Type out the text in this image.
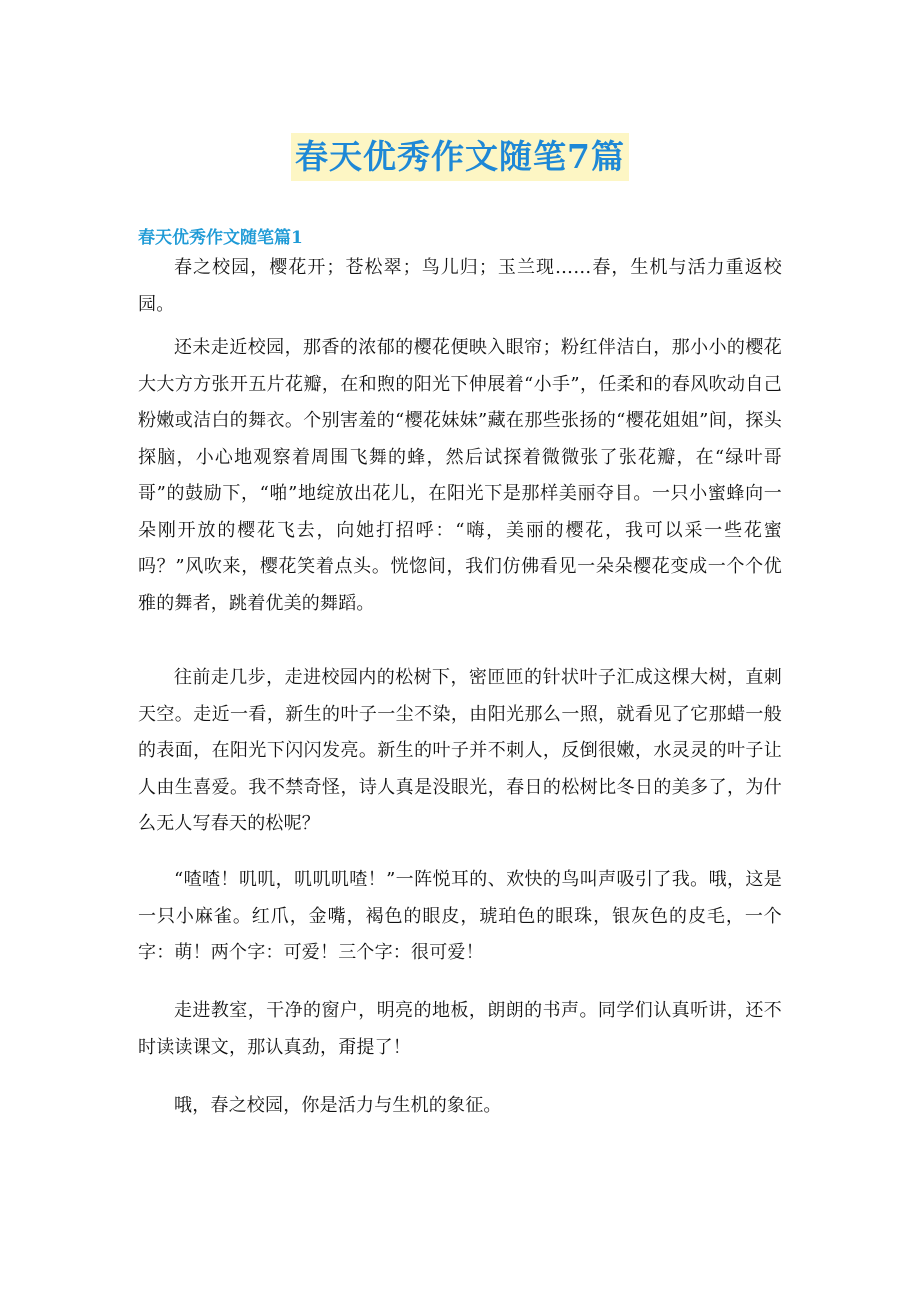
春天优秀作文随笔7篇
春天优秀作文随笔篇1

春之校园，樱花开；苍松翠；鸟儿归；玉兰现……春，生机与活力重返校园。

还未走近校园，那香的浓郁的樱花便映入眼帘；粉红伴洁白，那小小的樱花大大方方张开五片花瓣，在和煦的阳光下伸展着“小手”，任柔和的春风吹动自己粉嫩或洁白的舞衣。个别害羞的“樱花妹妹”藏在那些张扬的“樱花姐姐”间，探头探脑，小心地观察着周围飞舞的蜂，然后试探着微微张了张花瓣，在“绿叶哥哥”的鼓励下，“啪”地绽放出花儿，在阳光下是那样美丽夺目。一只小蜜蜂向一朵刚开放的樱花飞去，向她打招呼：“嗨，美丽的樱花，我可以采一些花蜜吗？”风吹来，樱花笑着点头。恍惚间，我们仿佛看见一朵朵樱花变成一个个优雅的舞者，跳着优美的舞蹈。

往前走几步，走进校园内的松树下，密匝匝的针状叶子汇成这棵大树，直刺天空。走近一看，新生的叶子一尘不染，由阳光那么一照，就看见了它那蜡一般的表面，在阳光下闪闪发亮。新生的叶子并不刺人，反倒很嫩，水灵灵的叶子让人由生喜爱。我不禁奇怪，诗人真是没眼光，春日的松树比冬日的美多了，为什么无人写春天的松呢？

“喳喳！叽叽，叽叽叽喳！”一阵悦耳的、欢快的鸟叫声吸引了我。哦，这是一只小麻雀。红爪，金嘴，褐色的眼皮，琥珀色的眼珠，银灰色的皮毛，一个字：萌！两个字：可爱！三个字：很可爱！

走进教室，干净的窗户，明亮的地板，朗朗的书声。同学们认真听讲，还不时读读课文，那认真劲，甭提了！

哦，春之校园，你是活力与生机的象征。
